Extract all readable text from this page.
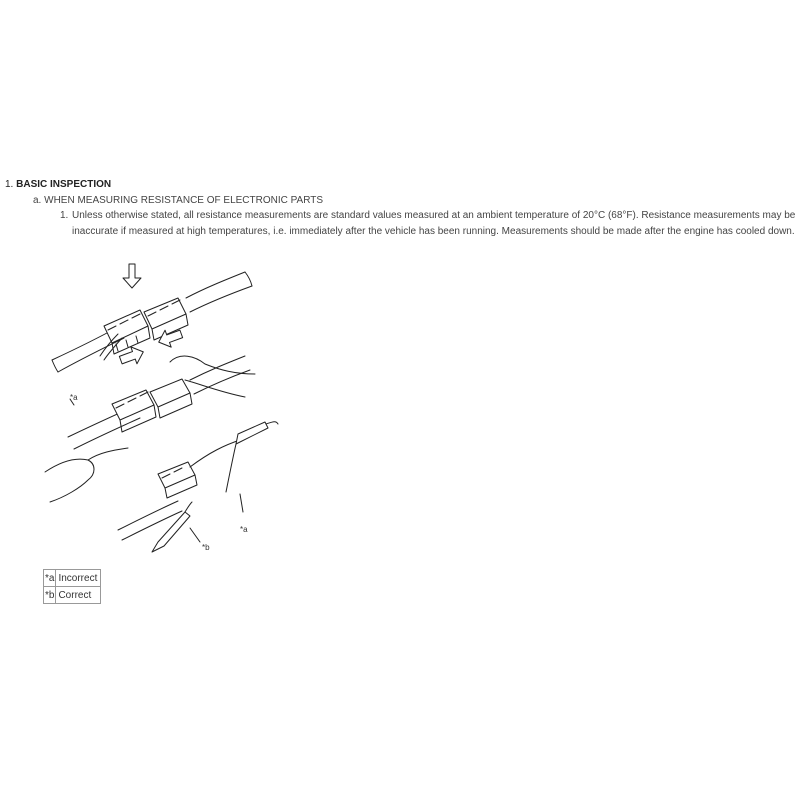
1. BASIC INSPECTION
a. WHEN MEASURING RESISTANCE OF ELECTRONIC PARTS
1. Unless otherwise stated, all resistance measurements are standard values measured at an ambient temperature of 20°C (68°F). Resistance measurements may be
inaccurate if measured at high temperatures, i.e. immediately after the vehicle has been running. Measurements should be made after the engine has cooled down.
*a
*a
*b
*a	Incorrect
*b	Correct
